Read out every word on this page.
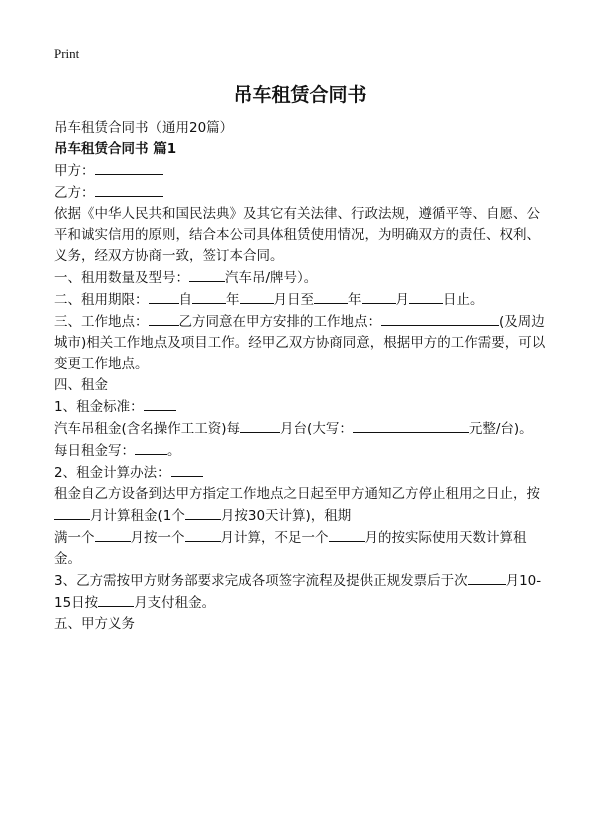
Print
吊车租赁合同书

吊车租赁合同书（通用20篇）

吊车租赁合同书 篇1

甲方：

乙方：

依据《中华人民共和国民法典》及其它有关法律、行政法规，遵循平等、自愿、公平和诚实信用的原则，结合本公司具体租赁使用情况，为明确双方的责任、权利、义务，经双方协商一致，签订本合同。

一、租用数量及型号：	汽车吊/牌号）。

二、租用期限： 自	年	月日至	年	月	日止。

三、工作地点： 乙方同意在甲方安排的工作地点：	(及周边城市)相关工作地点及项目工作。经甲乙双方协商同意，根据甲方的工作需要，可以变更工作地点。

四、租金

1、租金标准：

汽车吊租金(含名操作工工资)每	月台(大写：	元整/台)。
每日租金写： 。

2、租金计算办法：

租金自乙方设备到达甲方指定工作地点之日起至甲方通知乙方停止租用之日止，按月计算租金(1个	月按30天计算)，租期

满一个	月按一个	月计算，不足一个	月的按实际使用天数计算租金。

3、乙方需按甲方财务部要求完成各项签字流程及提供正规发票后于次	月10-15日按	月支付租金。

五、甲方义务
